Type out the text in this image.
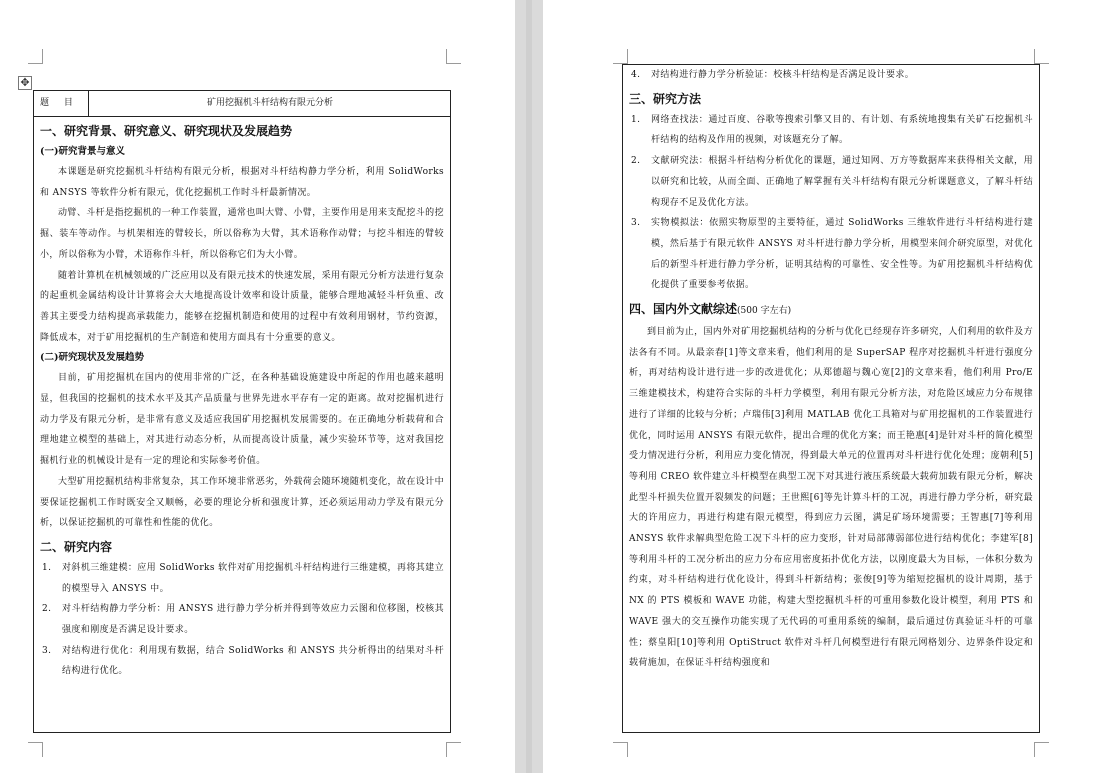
✥
题 目	矿用挖掘机斗杆结构有限元分析
一、研究背景、研究意义、研究现状及发展趋势
(一)研究背景与意义

本课题是研究挖掘机斗杆结构有限元分析，根据对斗杆结构静力学分析，利用 SolidWorks 和 ANSYS 等软件分析有限元，优化挖掘机工作时斗杆最新情况。

动臂、斗杆是指挖掘机的一种工作装置，通常也叫大臂、小臂，主要作用是用来支配挖斗的挖掘、装车等动作。与机架相连的臂较长，所以俗称为大臂，其术语称作动臂；与挖斗相连的臂较小，所以俗称为小臂，术语称作斗杆，所以俗称它们为大小臂。

随着计算机在机械领域的广泛应用以及有限元技术的快速发展，采用有限元分析方法进行复杂的起重机金属结构设计计算将会大大地提高设计效率和设计质量，能够合理地减轻斗杆负重、改善其主要受力结构提高承载能力，能够在挖掘机制造和使用的过程中有效利用钢材，节约资源，降低成本，对于矿用挖掘机的生产制造和使用方面具有十分重要的意义。

(二)研究现状及发展趋势

目前，矿用挖掘机在国内的使用非常的广泛，在各种基础设施建设中所起的作用也越来越明显，但我国的挖掘机的技术水平及其产品质量与世界先进水平存有一定的距离。故对挖掘机进行动力学及有限元分析，是非常有意义及适应我国矿用挖掘机发展需要的。在正确地分析载荷和合理地建立模型的基础上，对其进行动态分析，从而提高设计质量，减少实验环节等，这对我国挖掘机行业的机械设计是有一定的理论和实际参考价值。

大型矿用挖掘机结构非常复杂，其工作环境非常恶劣，外载荷会随环境随机变化，故在设计中要保证挖掘机工作时既安全又顺畅，必要的理论分析和强度计算，还必须运用动力学及有限元分析，以保证挖掘机的可靠性和性能的优化。

二、研究内容
1. 对斜机三维建模：应用 SolidWorks 软件对矿用挖掘机斗杆结构进行三维建模，再将其建立的模型导入 ANSYS 中。
2. 对斗杆结构静力学分析：用 ANSYS 进行静力学分析并得到等效应力云图和位移图，校核其强度和刚度是否满足设计要求。
3. 对结构进行优化：利用现有数据，结合 SolidWorks 和 ANSYS 共分析得出的结果对斗杆结构进行优化。
4. 对结构进行静力学分析验证：校核斗杆结构是否满足设计要求。
三、研究方法
1. 网络查找法：通过百度、谷歌等搜索引擎又目的、有计划、有系统地搜集有关矿石挖掘机斗杆结构的结构及作用的视频，对该题充分了解。
2. 文献研究法：根据斗杆结构分析优化的课题，通过知网、万方等数据库来获得相关文献，用以研究和比较，从而全面、正确地了解掌握有关斗杆结构有限元分析课题意义，了解斗杆结构现存不足及优化方法。
3. 实物模拟法：依照实物原型的主要特征，通过 SolidWorks 三维软件进行斗杆结构进行建模，然后基于有限元软件 ANSYS 对斗杆进行静力学分析，用模型来间介研究原型，对优化后的新型斗杆进行静力学分析，证明其结构的可靠性、安全性等。为矿用挖掘机斗杆结构优化提供了重要参考依据。
四、国内外文献综述(500 字左右)

到目前为止，国内外对矿用挖掘机结构的分析与优化已经现存许多研究，人们利用的软件及方法各有不同。从最亲春[1]等文章来看，他们利用的是 SuperSAP 程序对挖掘机斗杆进行强度分析，再对结构设计进行进一步的改进优化；从郑德超与魏心宽[2]的文章来看，他们利用 Pro/E 三维建模技术，构建符合实际的斗杆力学模型，利用有限元分析方法，对危险区域应力分布规律进行了详细的比较与分析；卢瑞伟[3]利用 MATLAB 优化工具箱对与矿用挖掘机的工作装置进行优化，同时运用 ANSYS 有限元软件，提出合理的优化方案；而王艳惠[4]是针对斗杆的简化模型受力情况进行分析，利用应力变化情况，得到最大单元的位置再对斗杆进行优化处理；庞朝利[5]等利用 CREO 软件建立斗杆模型在典型工况下对其进行液压系统最大载荷加载有限元分析，解决此型斗杆损失位置开裂频发的问题；王世熙[6]等先计算斗杆的工况，再进行静力学分析，研究最大的许用应力，再进行构建有限元模型，得到应力云图，满足矿场环境需要；王智惠[7]等利用 ANSYS 软件求解典型危险工况下斗杆的应力变形，针对局部薄弱部位进行结构优化；李建军[8]等利用斗杆的工况分析出的应力分布应用密度拓扑优化方法，以刚度最大为目标，一体积分数为约束，对斗杆结构进行优化设计，得到斗杆新结构；张俊[9]等为缩短挖掘机的设计周期，基于 NX 的 PTS 模板和 WAVE 功能，构建大型挖掘机斗杆的可重用参数化设计模型，利用 PTS 和 WAVE 强大的交互操作功能实现了无代码的可重用系统的编制，最后通过仿真验证斗杆的可靠性；蔡皇阳[10]等利用 OptiStruct 软件对斗杆几何模型进行有限元网格划分、边界条件设定和载荷施加，在保证斗杆结构强度和
